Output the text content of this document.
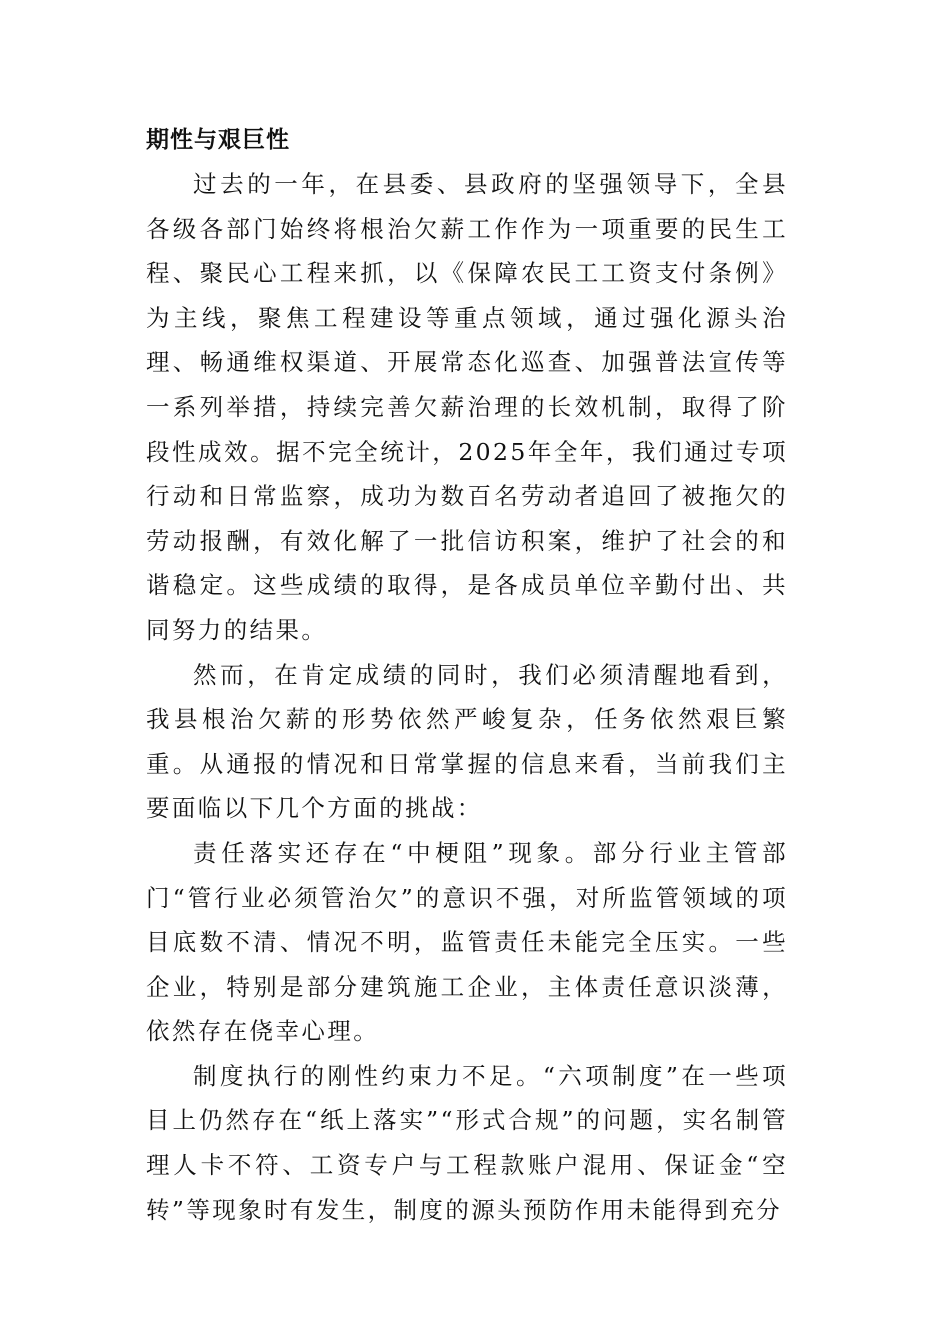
期性与艰巨性

过去的一年，在县委、县政府的坚强领导下，全县各级各部门始终将根治欠薪工作作为一项重要的民生工程、聚民心工程来抓，以《保障农民工工资支付条例》为主线，聚焦工程建设等重点领域，通过强化源头治理、畅通维权渠道、开展常态化巡查、加强普法宣传等一系列举措，持续完善欠薪治理的长效机制，取得了阶段性成效。据不完全统计，2025年全年，我们通过专项行动和日常监察，成功为数百名劳动者追回了被拖欠的劳动报酬，有效化解了一批信访积案，维护了社会的和谐稳定。这些成绩的取得，是各成员单位辛勤付出、共同努力的结果。

然而，在肯定成绩的同时，我们必须清醒地看到，我县根治欠薪的形势依然严峻复杂，任务依然艰巨繁重。从通报的情况和日常掌握的信息来看，当前我们主要面临以下几个方面的挑战：

责任落实还存在“中梗阻”现象。部分行业主管部门“管行业必须管治欠”的意识不强，对所监管领域的项目底数不清、情况不明，监管责任未能完全压实。一些企业，特别是部分建筑施工企业，主体责任意识淡薄，依然存在侥幸心理。

制度执行的刚性约束力不足。“六项制度”在一些项目上仍然存在“纸上落实”“形式合规”的问题，实名制管理人卡不符、工资专户与工程款账户混用、保证金“空转”等现象时有发生，制度的源头预防作用未能得到充分
